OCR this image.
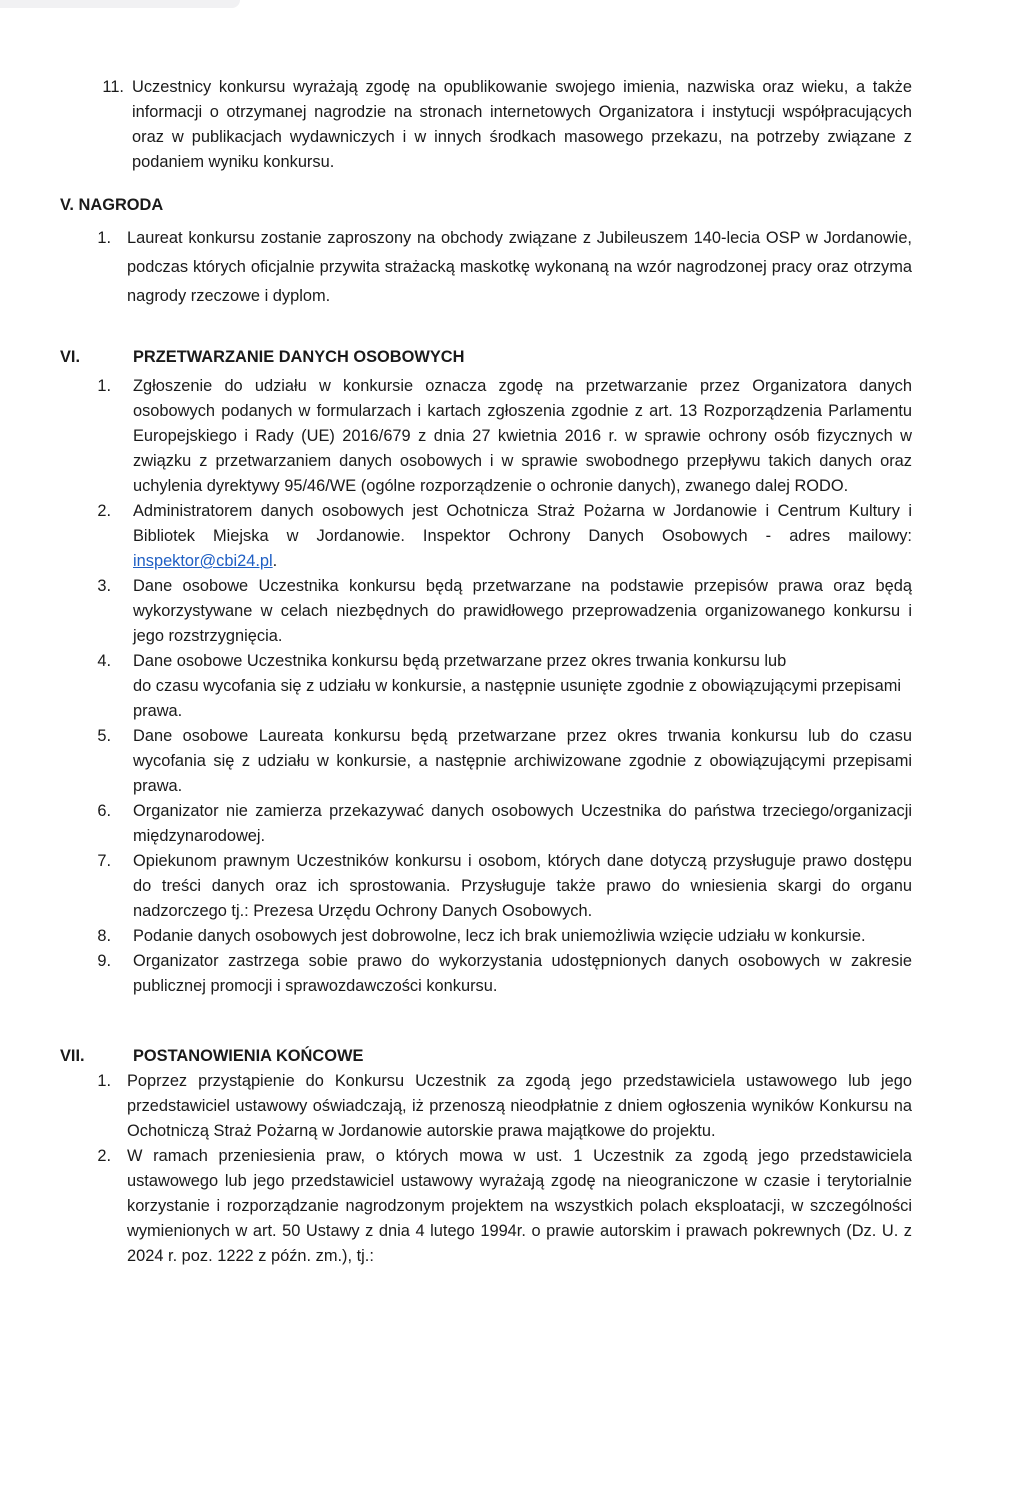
11. Uczestnicy konkursu wyrażają zgodę na opublikowanie swojego imienia, nazwiska oraz wieku, a także informacji o otrzymanej nagrodzie na stronach internetowych Organizatora i instytucji współpracujących oraz w publikacjach wydawniczych i w innych środkach masowego przekazu, na potrzeby związane z podaniem wyniku konkursu.
V. NAGRODA
1. Laureat konkursu zostanie zaproszony na obchody związane z Jubileuszem 140-lecia OSP w Jordanowie, podczas których oficjalnie przywita strażacką maskotkę wykonaną na wzór nagrodzonej pracy oraz otrzyma nagrody rzeczowe i dyplom.
VI.	PRZETWARZANIE DANYCH OSOBOWYCH
1.	Zgłoszenie do udziału w konkursie oznacza zgodę na przetwarzanie przez Organizatora danych osobowych podanych w formularzach i kartach zgłoszenia zgodnie z art. 13 Rozporządzenia Parlamentu Europejskiego i Rady (UE) 2016/679 z dnia 27 kwietnia 2016 r. w sprawie ochrony osób fizycznych w związku z przetwarzaniem danych osobowych i w sprawie swobodnego przepływu takich danych oraz uchylenia dyrektywy 95/46/WE (ogólne rozporządzenie o ochronie danych), zwanego dalej RODO.
2.	Administratorem danych osobowych jest Ochotnicza Straż Pożarna w Jordanowie i Centrum Kultury i Bibliotek Miejska w Jordanowie. Inspektor Ochrony Danych Osobowych - adres mailowy: inspektor@cbi24.pl.
3.	Dane osobowe Uczestnika konkursu będą przetwarzane na podstawie przepisów prawa oraz będą wykorzystywane w celach niezbędnych do prawidłowego przeprowadzenia organizowanego konkursu i jego rozstrzygnięcia.
4.	Dane osobowe Uczestnika konkursu będą przetwarzane przez okres trwania konkursu lub
do czasu wycofania się z udziału w konkursie, a następnie usunięte zgodnie z obowiązującymi przepisami prawa.
5.	Dane osobowe Laureata konkursu będą przetwarzane przez okres trwania konkursu lub do czasu wycofania się z udziału w konkursie, a następnie archiwizowane zgodnie z obowiązującymi przepisami prawa.
6.	Organizator nie zamierza przekazywać danych osobowych Uczestnika do państwa trzeciego/organizacji międzynarodowej.
7.	Opiekunom prawnym Uczestników konkursu i osobom, których dane dotyczą przysługuje prawo dostępu do treści danych oraz ich sprostowania. Przysługuje także prawo do wniesienia skargi do organu nadzorczego tj.: Prezesa Urzędu Ochrony Danych Osobowych.
8.	Podanie danych osobowych jest dobrowolne, lecz ich brak uniemożliwia wzięcie udziału w konkursie.
9.	Organizator zastrzega sobie prawo do wykorzystania udostępnionych danych osobowych w zakresie publicznej promocji i sprawozdawczości konkursu.
VII.	POSTANOWIENIA KOŃCOWE
1. Poprzez przystąpienie do Konkursu Uczestnik za zgodą jego przedstawiciela ustawowego lub jego przedstawiciel ustawowy oświadczają, iż przenoszą nieodpłatnie z dniem ogłoszenia wyników Konkursu na Ochotniczą Straż Pożarną w Jordanowie autorskie prawa majątkowe do projektu.
2. W ramach przeniesienia praw, o których mowa w ust. 1 Uczestnik za zgodą jego przedstawiciela ustawowego lub jego przedstawiciel ustawowy wyrażają zgodę na nieograniczone w czasie i terytorialnie korzystanie i rozporządzanie nagrodzonym projektem na wszystkich polach eksploatacji, w szczególności wymienionych w art. 50 Ustawy z dnia 4 lutego 1994r. o prawie autorskim i prawach pokrewnych (Dz. U. z 2024 r. poz. 1222 z późn. zm.), tj.:
